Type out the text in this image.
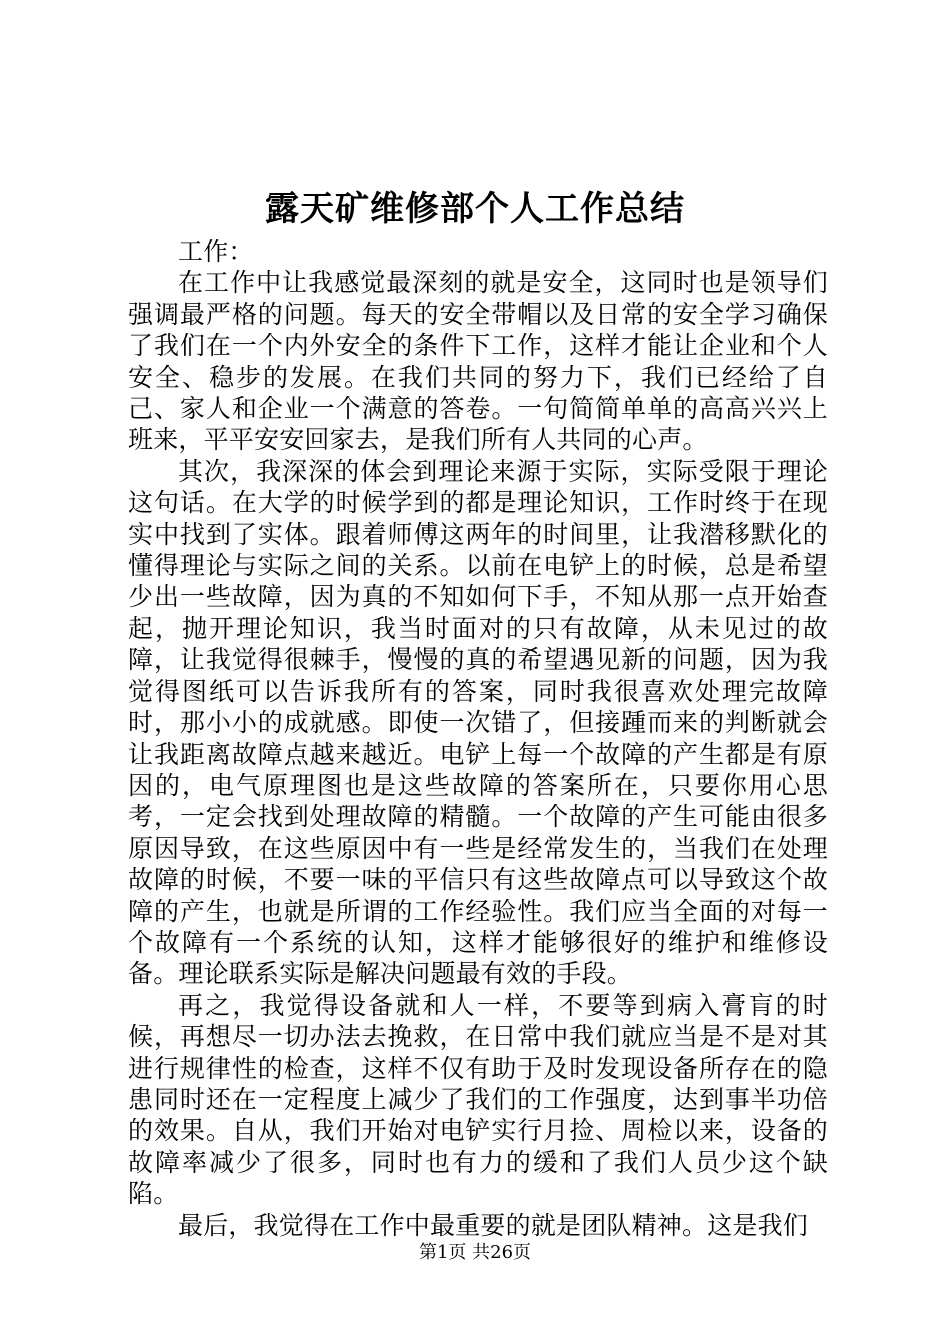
露天矿维修部个人工作总结

工作：

在工作中让我感觉最深刻的就是安全，这同时也是领导们强调最严格的问题。每天的安全带帽以及日常的安全学习确保了我们在一个内外安全的条件下工作，这样才能让企业和个人安全、稳步的发展。在我们共同的努力下，我们已经给了自己、家人和企业一个满意的答卷。一句简简单单的高高兴兴上班来，平平安安回家去，是我们所有人共同的心声。

其次，我深深的体会到理论来源于实际，实际受限于理论这句话。在大学的时候学到的都是理论知识，工作时终于在现实中找到了实体。跟着师傅这两年的时间里，让我潜移默化的懂得理论与实际之间的关系。以前在电铲上的时候，总是希望少出一些故障，因为真的不知如何下手，不知从那一点开始查起，抛开理论知识，我当时面对的只有故障，从未见过的故障，让我觉得很棘手，慢慢的真的希望遇见新的问题，因为我觉得图纸可以告诉我所有的答案，同时我很喜欢处理完故障时，那小小的成就感。即使一次错了，但接踵而来的判断就会让我距离故障点越来越近。电铲上每一个故障的产生都是有原因的，电气原理图也是这些故障的答案所在，只要你用心思考，一定会找到处理故障的精髓。一个故障的产生可能由很多原因导致，在这些原因中有一些是经常发生的，当我们在处理故障的时候，不要一味的平信只有这些故障点可以导致这个故障的产生，也就是所谓的工作经验性。我们应当全面的对每一个故障有一个系统的认知，这样才能够很好的维护和维修设备。理论联系实际是解决问题最有效的手段。

再之，我觉得设备就和人一样，不要等到病入膏肓的时候，再想尽一切办法去挽救，在日常中我们就应当是不是对其进行规律性的检查，这样不仅有助于及时发现设备所存在的隐患同时还在一定程度上减少了我们的工作强度，达到事半功倍的效果。自从，我们开始对电铲实行月捡、周检以来，设备的故障率减少了很多，同时也有力的缓和了我们人员少这个缺陷。

最后，我觉得在工作中最重要的就是团队精神。这是我们

第1页 共26页
